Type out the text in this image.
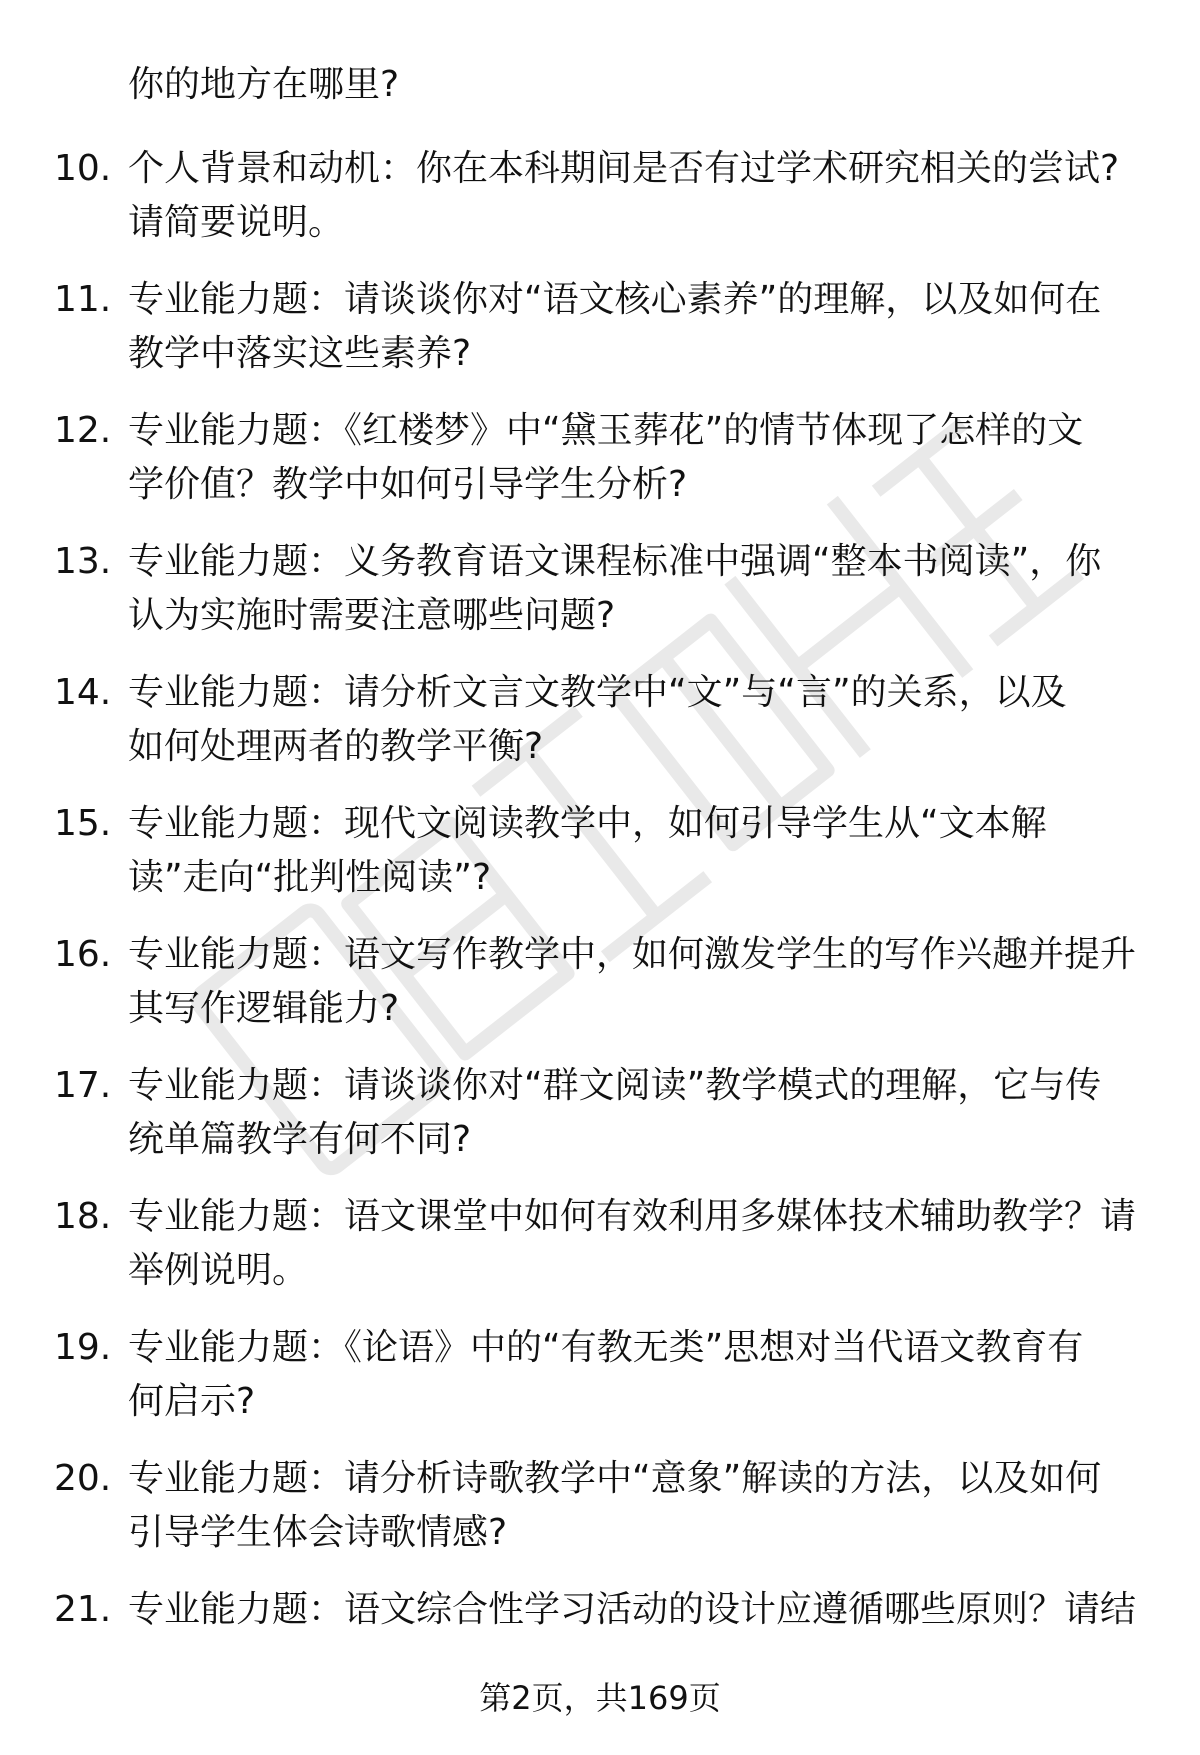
你的地方在哪里?
10. 个人背景和动机：你在本科期间是否有过学术研究相关的尝试?
请简要说明。
11. 专业能力题：请谈谈你对“语文核心素养”的理解，以及如何在
教学中落实这些素养?
12. 专业能力题：《红楼梦》中“黛玉葬花”的情节体现了怎样的文
学价值？教学中如何引导学生分析?
13. 专业能力题：义务教育语文课程标准中强调“整本书阅读”，你
认为实施时需要注意哪些问题?
14. 专业能力题：请分析文言文教学中“文”与“言”的关系，以及
如何处理两者的教学平衡?
15. 专业能力题：现代文阅读教学中，如何引导学生从“文本解
读”走向“批判性阅读”?
16. 专业能力题：语文写作教学中，如何激发学生的写作兴趣并提升
其写作逻辑能力?
17. 专业能力题：请谈谈你对“群文阅读”教学模式的理解，它与传
统单篇教学有何不同?
18. 专业能力题：语文课堂中如何有效利用多媒体技术辅助教学？请
举例说明。
19. 专业能力题：《论语》中的“有教无类”思想对当代语文教育有
何启示?
20. 专业能力题：请分析诗歌教学中“意象”解读的方法，以及如何
引导学生体会诗歌情感?
21. 专业能力题：语文综合性学习活动的设计应遵循哪些原则？请结
第2页，共169页
